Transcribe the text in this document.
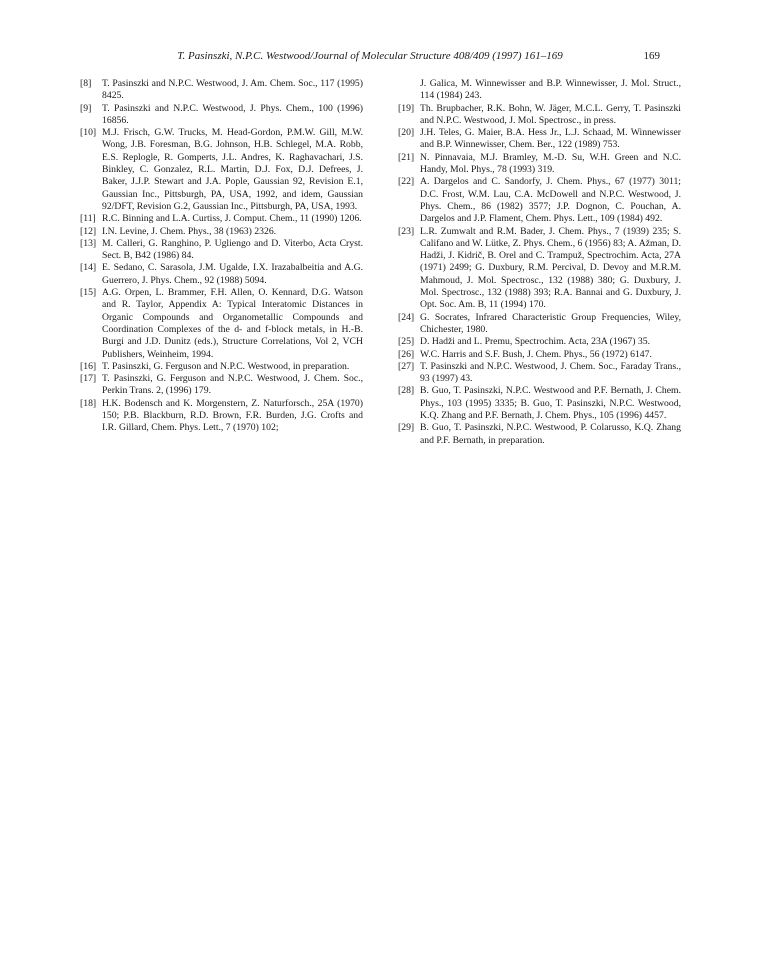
T. Pasinszki, N.P.C. Westwood/Journal of Molecular Structure 408/409 (1997) 161–169	169

[8] T. Pasinszki and N.P.C. Westwood, J. Am. Chem. Soc., 117 (1995) 8425.

[9] T. Pasinszki and N.P.C. Westwood, J. Phys. Chem., 100 (1996) 16856.

[10] M.J. Frisch, G.W. Trucks, M. Head-Gordon, P.M.W. Gill, M.W. Wong, J.B. Foresman, B.G. Johnson, H.B. Schlegel, M.A. Robb, E.S. Replogle, R. Gomperts, J.L. Andres, K. Raghavachari, J.S. Binkley, C. Gonzalez, R.L. Martin, D.J. Fox, D.J. Defrees, J. Baker, J.J.P. Stewart and J.A. Pople, Gaussian 92, Revision E.1, Gaussian Inc., Pittsburgh, PA, USA, 1992, and idem, Gaussian 92/DFT, Revision G.2, Gaussian Inc., Pittsburgh, PA, USA, 1993.

[11] R.C. Binning and L.A. Curtiss, J. Comput. Chem., 11 (1990) 1206.

[12] I.N. Levine, J. Chem. Phys., 38 (1963) 2326.

[13] M. Calleri, G. Ranghino, P. Ugliengo and D. Viterbo, Acta Cryst. Sect. B, B42 (1986) 84.

[14] E. Sedano, C. Sarasola, J.M. Ugalde, I.X. Irazabalbeitia and A.G. Guerrero, J. Phys. Chem., 92 (1988) 5094.

[15] A.G. Orpen, L. Brammer, F.H. Allen, O. Kennard, D.G. Watson and R. Taylor, Appendix A: Typical Interatomic Distances in Organic Compounds and Organometallic Compounds and Coordination Complexes of the d- and f-block metals, in H.-B. Burgi and J.D. Dunitz (eds.), Structure Correlations, Vol 2, VCH Publishers, Weinheim, 1994.

[16] T. Pasinszki, G. Ferguson and N.P.C. Westwood, in preparation.

[17] T. Pasinszki, G. Ferguson and N.P.C. Westwood, J. Chem. Soc., Perkin Trans. 2, (1996) 179.

[18] H.K. Bodensch and K. Morgenstern, Z. Naturforsch., 25A (1970) 150; P.B. Blackburn, R.D. Brown, F.R. Burden, J.G. Crofts and I.R. Gillard, Chem. Phys. Lett., 7 (1970) 102;

J. Galica, M. Winnewisser and B.P. Winnewisser, J. Mol. Struct., 114 (1984) 243.

[19] Th. Brupbacher, R.K. Bohn, W. Jäger, M.C.L. Gerry, T. Pasinszki and N.P.C. Westwood, J. Mol. Spectrosc., in press.

[20] J.H. Teles, G. Maier, B.A. Hess Jr., L.J. Schaad, M. Winnewisser and B.P. Winnewisser, Chem. Ber., 122 (1989) 753.

[21] N. Pinnavaia, M.J. Bramley, M.-D. Su, W.H. Green and N.C. Handy, Mol. Phys., 78 (1993) 319.

[22] A. Dargelos and C. Sandorfy, J. Chem. Phys., 67 (1977) 3011; D.C. Frost, W.M. Lau, C.A. McDowell and N.P.C. Westwood, J. Phys. Chem., 86 (1982) 3577; J.P. Dognon, C. Pouchan, A. Dargelos and J.P. Flament, Chem. Phys. Lett., 109 (1984) 492.

[23] L.R. Zumwalt and R.M. Bader, J. Chem. Phys., 7 (1939) 235; S. Califano and W. Lütke, Z. Phys. Chem., 6 (1956) 83; A. Ažman, D. Hadži, J. Kidrič, B. Orel and C. Trampuž, Spectrochim. Acta, 27A (1971) 2499; G. Duxbury, R.M. Percival, D. Devoy and M.R.M. Mahmoud, J. Mol. Spectrosc., 132 (1988) 380; G. Duxbury, J. Mol. Spectrosc., 132 (1988) 393; R.A. Bannai and G. Duxbury, J. Opt. Soc. Am. B, 11 (1994) 170.

[24] G. Socrates, Infrared Characteristic Group Frequencies, Wiley, Chichester, 1980.

[25] D. Hadži and L. Premu, Spectrochim. Acta, 23A (1967) 35.

[26] W.C. Harris and S.F. Bush, J. Chem. Phys., 56 (1972) 6147.

[27] T. Pasinszki and N.P.C. Westwood, J. Chem. Soc., Faraday Trans., 93 (1997) 43.

[28] B. Guo, T. Pasinszki, N.P.C. Westwood and P.F. Bernath, J. Chem. Phys., 103 (1995) 3335; B. Guo, T. Pasinszki, N.P.C. Westwood, K.Q. Zhang and P.F. Bernath, J. Chem. Phys., 105 (1996) 4457.

[29] B. Guo, T. Pasinszki, N.P.C. Westwood, P. Colarusso, K.Q. Zhang and P.F. Bernath, in preparation.
